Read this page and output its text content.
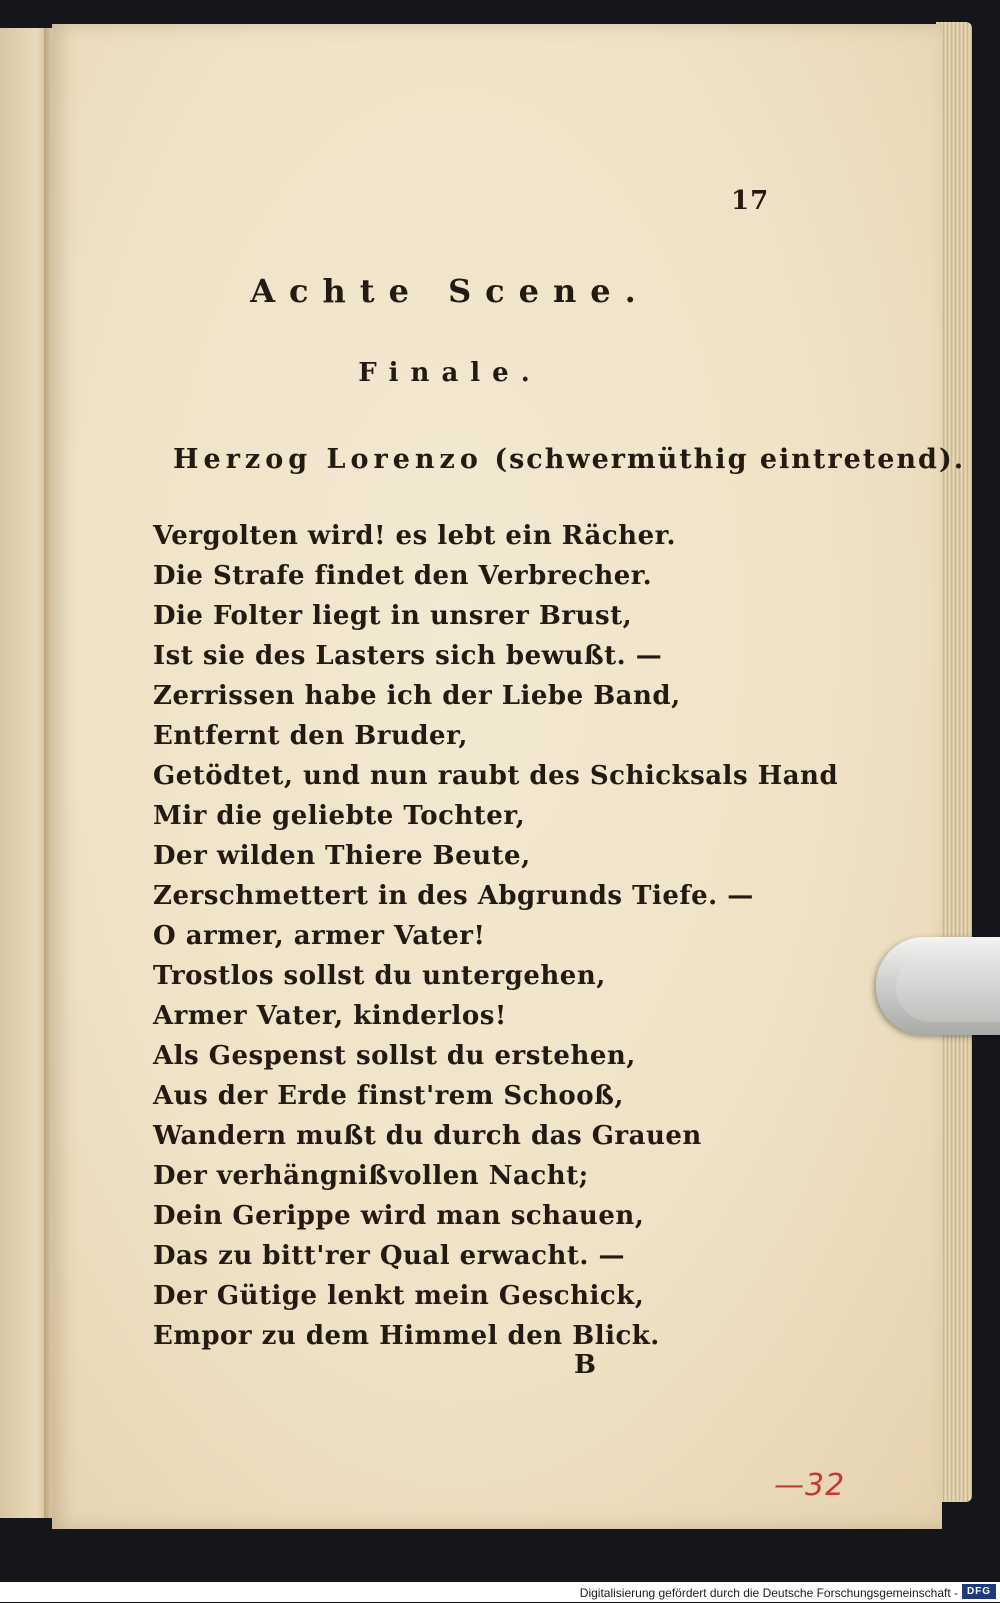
17
Achte Scene.
Finale.
Herzog Lorenzo (schwermüthig eintretend).
Vergolten wird! es lebt ein Rächer.
Die Strafe findet den Verbrecher.
Die Folter liegt in unsrer Brust,
Ist sie des Lasters sich bewußt. —
Zerrissen habe ich der Liebe Band,
Entfernt den Bruder,
Getödtet, und nun raubt des Schicksals Hand
Mir die geliebte Tochter,
Der wilden Thiere Beute,
Zerschmettert in des Abgrunds Tiefe. —
O armer, armer Vater!
Trostlos sollst du untergehen,
Armer Vater, kinderlos!
Als Gespenst sollst du erstehen,
Aus der Erde finst'rem Schooß,
Wandern mußt du durch das Grauen
Der verhängnißvollen Nacht;
Dein Gerippe wird man schauen,
Das zu bitt'rer Qual erwacht. —
Der Gütige lenkt mein Geschick,
Empor zu dem Himmel den Blick.
B
—32
Digitalisierung gefördert durch die Deutsche Forschungsgemeinschaft - DFG
